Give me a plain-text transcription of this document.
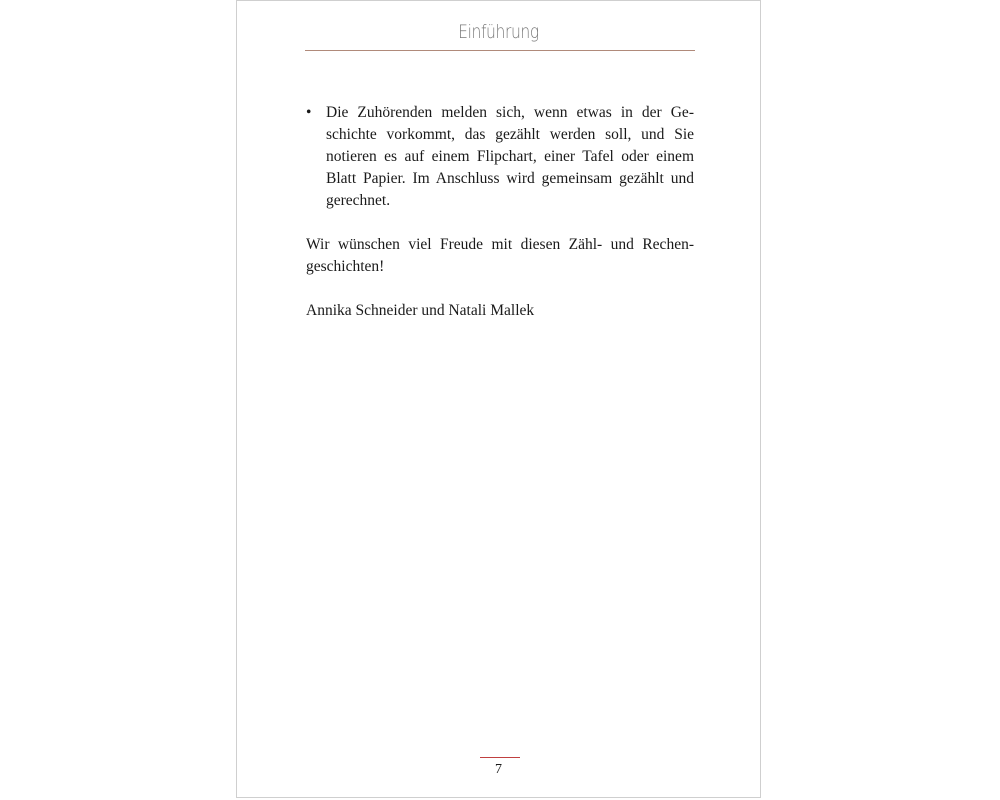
Einführung
• Die Zuhörenden melden sich, wenn etwas in der Geschichte vorkommt, das gezählt werden soll, und Sie notieren es auf einem Flipchart, einer Tafel oder einem Blatt Papier. Im Anschluss wird gemeinsam gezählt und gerechnet.
Wir wünschen viel Freude mit diesen Zähl- und Rechengeschichten!
Annika Schneider und Natali Mallek
7
